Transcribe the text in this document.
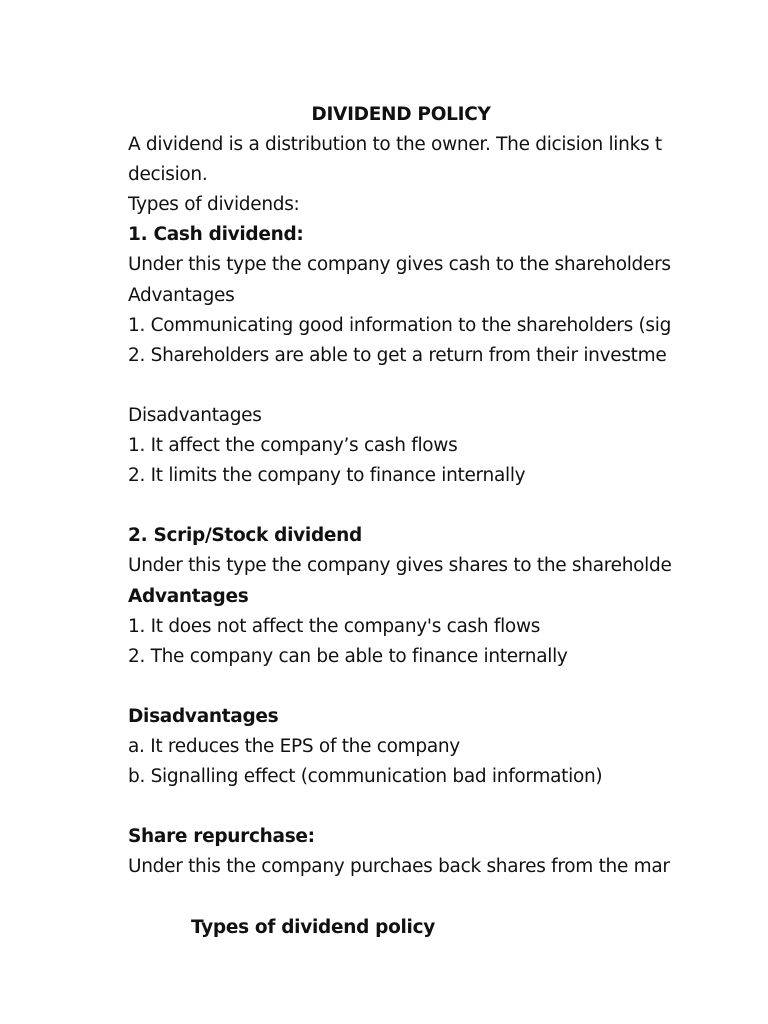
DIVIDEND POLICY
A dividend is a distribution to the owner. The dicision links t
decision.
Types of dividends:
1. Cash dividend:
Under this type the company gives cash to the shareholders
Advantages
1. Communicating good information to the shareholders (sig
2. Shareholders are able to get a return from their investme
Disadvantages
1. It affect the company’s cash flows
2. It limits the company to finance internally
2. Scrip/Stock dividend
Under this type the company gives shares to the shareholde
Advantages
1. It does not affect the company's cash flows
2. The company can be able to finance internally
Disadvantages
a. It reduces the EPS of the company
b. Signalling effect (communication bad information)
Share repurchase:
Under this the company purchaes back shares from the mar
Types of dividend policy
